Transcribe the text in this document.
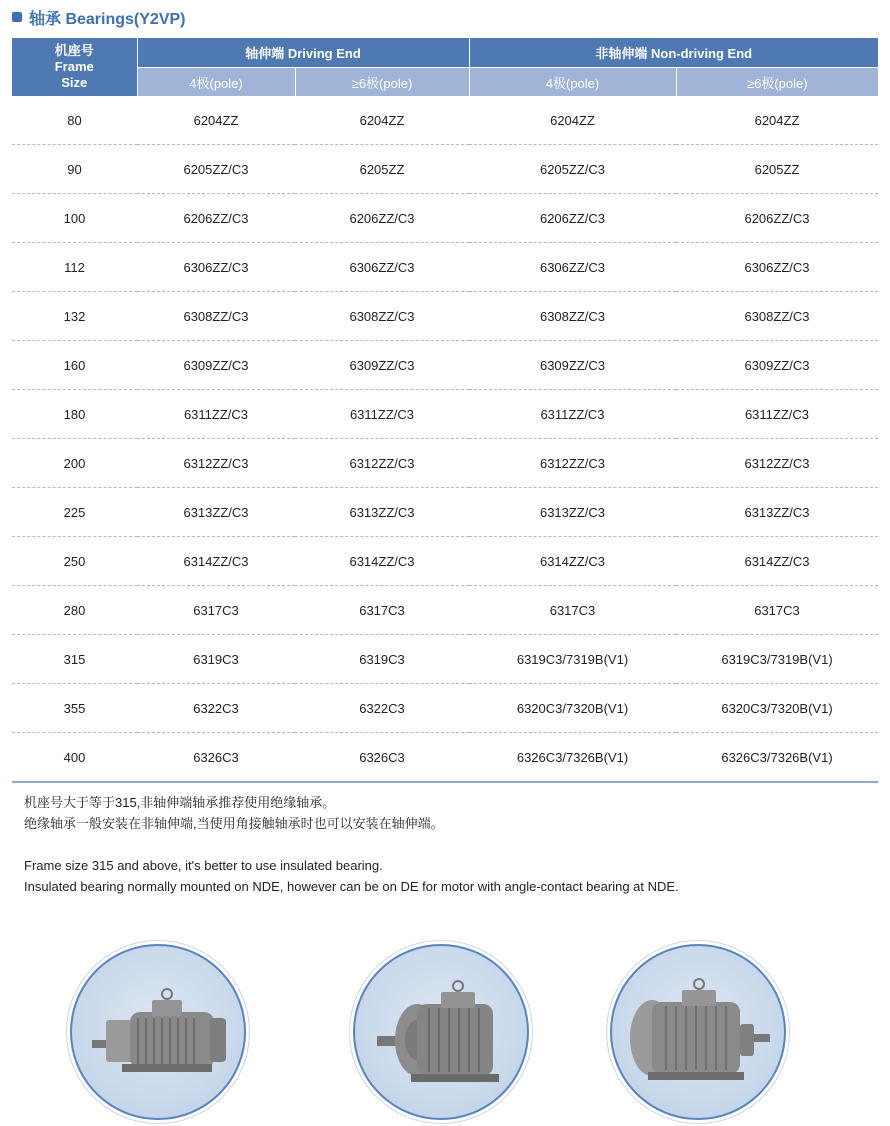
轴承 Bearings(Y2VP)
机座号
Frame
Size	轴伸端 Driving End		非轴伸端 Non-driving End	
	4极(pole)	≥6极(pole)	4极(pole)	≥6极(pole)
80	6204ZZ	6204ZZ	6204ZZ	6204ZZ
90	6205ZZ/C3	6205ZZ	6205ZZ/C3	6205ZZ
100	6206ZZ/C3	6206ZZ/C3	6206ZZ/C3	6206ZZ/C3
112	6306ZZ/C3	6306ZZ/C3	6306ZZ/C3	6306ZZ/C3
132	6308ZZ/C3	6308ZZ/C3	6308ZZ/C3	6308ZZ/C3
160	6309ZZ/C3	6309ZZ/C3	6309ZZ/C3	6309ZZ/C3
180	6311ZZ/C3	6311ZZ/C3	6311ZZ/C3	6311ZZ/C3
200	6312ZZ/C3	6312ZZ/C3	6312ZZ/C3	6312ZZ/C3
225	6313ZZ/C3	6313ZZ/C3	6313ZZ/C3	6313ZZ/C3
250	6314ZZ/C3	6314ZZ/C3	6314ZZ/C3	6314ZZ/C3
280	6317C3	6317C3	6317C3	6317C3
315	6319C3	6319C3	6319C3/7319B(V1)	6319C3/7319B(V1)
355	6322C3	6322C3	6320C3/7320B(V1)	6320C3/7320B(V1)
400	6326C3	6326C3	6326C3/7326B(V1)	6326C3/7326B(V1)

机座号大于等于315,非轴伸端轴承推荐使用绝缘轴承。

绝缘轴承一般安装在非轴伸端,当使用角接触轴承时也可以安装在轴伸端。

Frame size 315 and above, it's better to use insulated bearing.

Insulated bearing normally mounted on NDE, however can be on DE for motor with angle-contact bearing at NDE.
